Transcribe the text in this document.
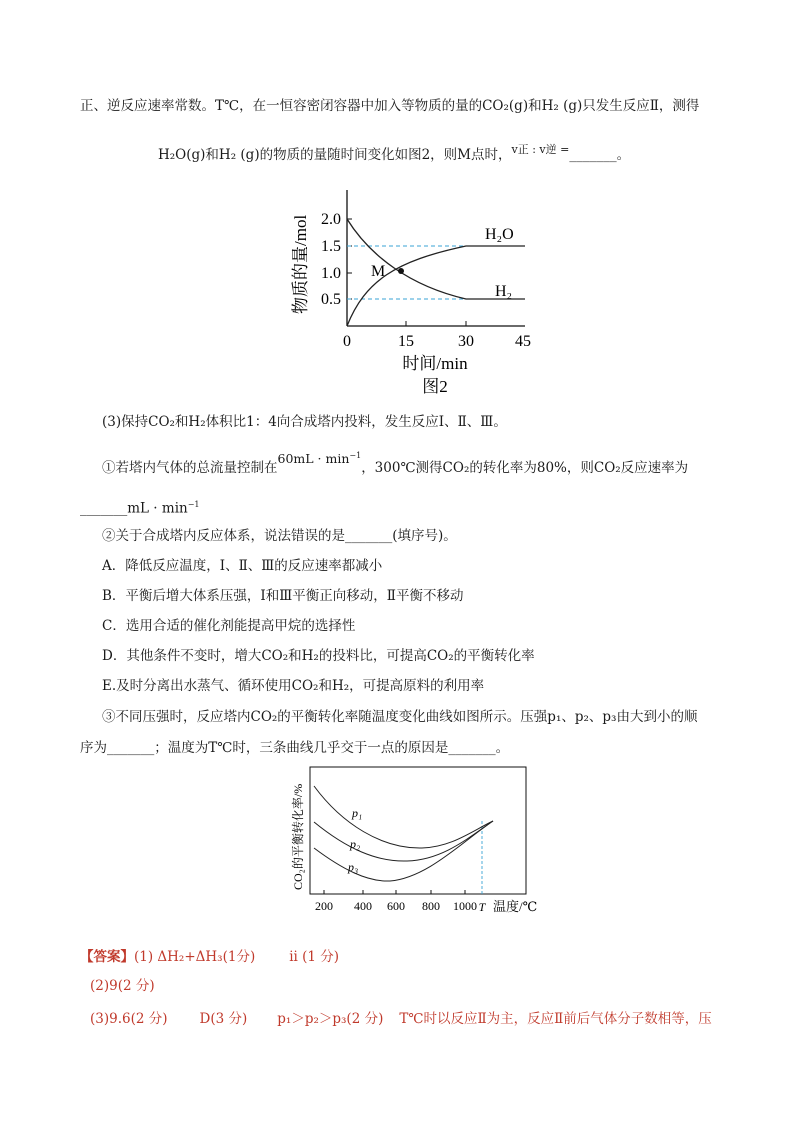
正、逆反应速率常数。T℃，在一恒容密闭容器中加入等物质的量的CO₂(g)和H₂ (g)只发生反应Ⅱ，测得
H₂O(g)和H₂ (g)的物质的量随时间变化如图2，则M点时，$^{v正 : v逆 =}$_______。
M
H₂O
H₂
2.0
1.5
1.0
0.5
0	15	30	45
物质的量/mol
时间/min
图2
(3)保持CO₂和H₂体积比1：4向合成塔内投料，发生反应Ⅰ、Ⅱ、Ⅲ。
①若塔内气体的总流量控制在$60mL \cdot \min^{-1}$，300℃测得CO₂的转化率为80%，则CO₂反应速率为
_______mL · $\min^{-1}$
②关于合成塔内反应体系，说法错误的是_______(填序号)。
A．降低反应温度，Ⅰ、Ⅱ、Ⅲ的反应速率都减小
B．平衡后增大体系压强，Ⅰ和Ⅲ平衡正向移动，Ⅱ平衡不移动
C．选用合适的催化剂能提高甲烷的选择性
D．其他条件不变时，增大CO₂和H₂的投料比，可提高CO₂的平衡转化率
E.及时分离出水蒸气、循环使用CO₂和H₂，可提高原料的利用率
③不同压强时，反应塔内CO₂的平衡转化率随温度变化曲线如图所示。压强p₁、p₂、p₃由大到小的顺
序为_______；温度为T℃时，三条曲线几乎交于一点的原因是_______。
p₁
p₂
p₃
CO₂的平衡转化率/%
200 400 600 800 1000 T 温度/℃
【答案】(1) ΔH₂+ΔH₃(1分)	ii (1 分)
(2)9(2 分)
(3)9.6(2 分) D(3 分) p₁＞p₂＞p₃(2 分) T℃时以反应Ⅱ为主，反应Ⅱ前后气体分子数相等，压
